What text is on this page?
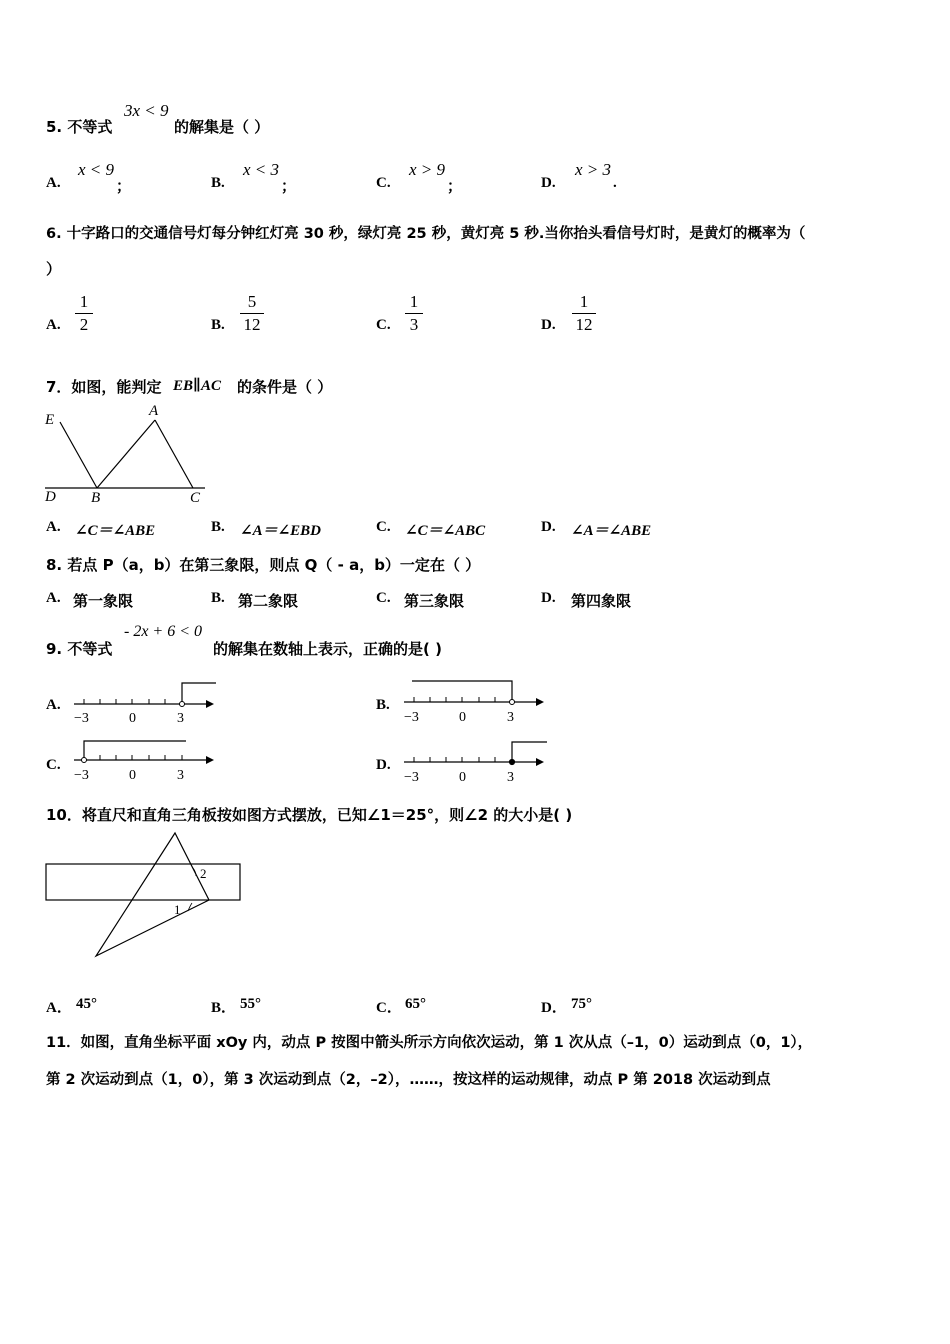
5. 不等式
3x < 9
的解集是（ ）
A.
x < 9
；	B.
x < 3
；	C.
x > 9
；	D.
x > 3
.
6. 十字路口的交通信号灯每分钟红灯亮 30 秒，绿灯亮 25 秒，黄灯亮 5 秒.当你抬头看信号灯时，是黄灯的概率为（
）
A.
1
2	B.
5
12	C.
1
3	D.
1
12
7．如图，能判定 EB∥AC 的条件是（ ）
E
A
D B	C
A. ∠C＝∠ABE	B. ∠A＝∠EBD	C. ∠C＝∠ABC	D. ∠A＝∠ABE
8. 若点 P（a，b）在第三象限，则点 Q（ - a，b）一定在（ ）
A. 第一象限	B. 第二象限	C. 第三象限	D. 第四象限
9. 不等式
- 2x + 6 < 0
的解集在数轴上表示，正确的是( )
A.
−3	0	3
B.
−3	0	3
C.
−3	0	3
D.
−3	0	3
10．将直尺和直角三角板按如图方式摆放，已知∠1＝25°，则∠2 的大小是( )
2
1
A． 45°	B． 55°	C． 65°	D． 75°
11．如图，直角坐标平面 xOy 内，动点 P 按图中箭头所示方向依次运动，第 1 次从点（–1，0）运动到点（0，1），
第 2 次运动到点（1，0），第 3 次运动到点（2，–2），……，按这样的运动规律，动点 P 第 2018 次运动到点
